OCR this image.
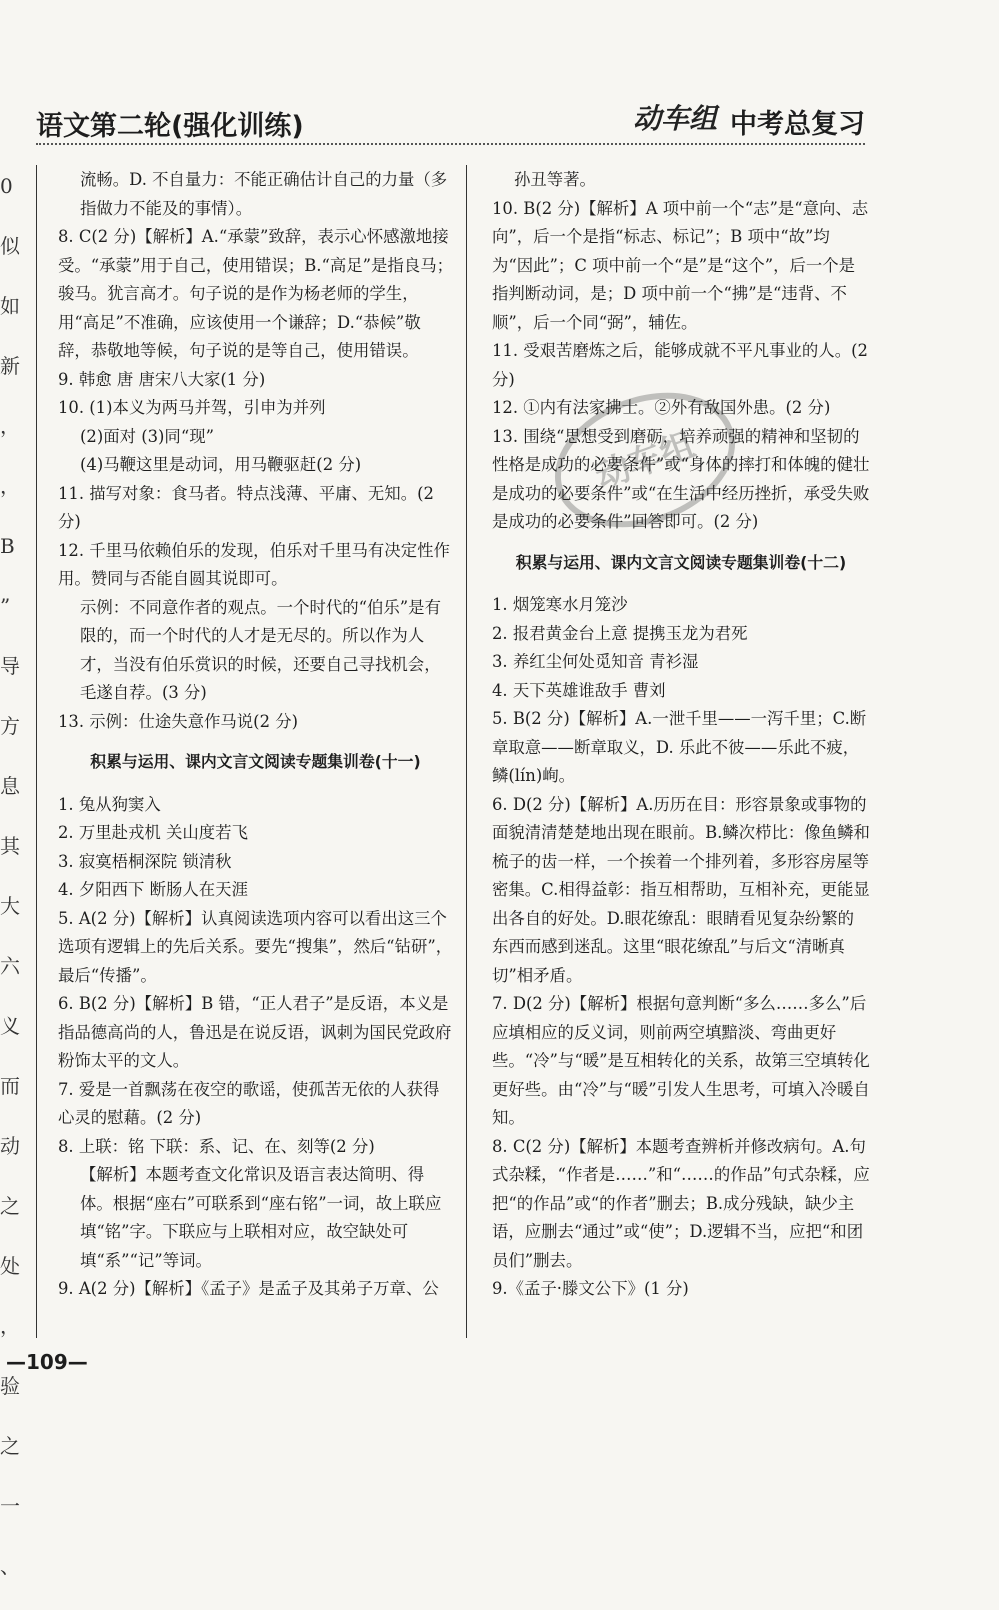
语文第二轮(强化训练)	动车组 中考总复习
0
似
如
新
，
，
B
”
导
方
息
其
大
六
义
而
动
之
处
，
验
之
一
、
流畅。D. 不自量力：不能正确估计自己的力量（多指做力不能及的事情）。
8. C(2 分)【解析】A.“承蒙”致辞，表示心怀感激地接受。“承蒙”用于自己，使用错误；B.“高足”是指良马；骏马。犹言高才。句子说的是作为杨老师的学生，用“高足”不准确，应该使用一个谦辞；D.“恭候”敬辞，恭敬地等候，句子说的是等自己，使用错误。
9. 韩愈 唐 唐宋八大家(1 分)
10. (1)本义为两马并驾，引申为并列
(2)面对 (3)同“现”
(4)马鞭这里是动词，用马鞭驱赶(2 分)
11. 描写对象：食马者。特点浅薄、平庸、无知。(2 分)
12. 千里马依赖伯乐的发现，伯乐对千里马有决定性作用。赞同与否能自圆其说即可。
示例：不同意作者的观点。一个时代的“伯乐”是有限的，而一个时代的人才是无尽的。所以作为人才，当没有伯乐赏识的时候，还要自己寻找机会，毛遂自荐。(3 分)
13. 示例：仕途失意作马说(2 分)
积累与运用、课内文言文阅读专题集训卷(十一)
1. 兔从狗窦入
2. 万里赴戎机 关山度若飞
3. 寂寞梧桐深院 锁清秋
4. 夕阳西下 断肠人在天涯
5. A(2 分)【解析】认真阅读选项内容可以看出这三个选项有逻辑上的先后关系。要先“搜集”，然后“钻研”，最后“传播”。
6. B(2 分)【解析】B 错，“正人君子”是反语，本义是指品德高尚的人，鲁迅是在说反语，讽刺为国民党政府粉饰太平的文人。
7. 爱是一首飘荡在夜空的歌谣，使孤苦无依的人获得心灵的慰藉。(2 分)
8. 上联：铭 下联：系、记、在、刻等(2 分)
【解析】本题考查文化常识及语言表达简明、得体。根据“座右”可联系到“座右铭”一词，故上联应填“铭”字。下联应与上联相对应，故空缺处可填“系”“记”等词。
9. A(2 分)【解析】《孟子》是孟子及其弟子万章、公
孙丑等著。
10. B(2 分)【解析】A 项中前一个“志”是“意向、志向”，后一个是指“标志、标记”；B 项中“故”均为“因此”；C 项中前一个“是”是“这个”，后一个是指判断动词，是；D 项中前一个“拂”是“违背、不顺”，后一个同“弼”，辅佐。
11. 受艰苦磨炼之后，能够成就不平凡事业的人。(2 分)
12. ①内有法家拂士。②外有敌国外患。(2 分)
13. 围绕“思想受到磨砺，培养顽强的精神和坚韧的性格是成功的必要条件”或“身体的摔打和体魄的健壮是成功的必要条件”或“在生活中经历挫折，承受失败是成功的必要条件”回答即可。(2 分)
积累与运用、课内文言文阅读专题集训卷(十二)
1. 烟笼寒水月笼沙
2. 报君黄金台上意 提携玉龙为君死
3. 养红尘何处觅知音 青衫湿
4. 天下英雄谁敌手 曹刘
5. B(2 分)【解析】A.一泄千里——一泻千里；C.断章取意——断章取义，D. 乐此不彼——乐此不疲，鳞(lín)峋。
6. D(2 分)【解析】A.历历在目：形容景象或事物的面貌清清楚楚地出现在眼前。B.鳞次栉比：像鱼鳞和梳子的齿一样，一个挨着一个排列着，多形容房屋等密集。C.相得益彰：指互相帮助，互相补充，更能显出各自的好处。D.眼花缭乱：眼睛看见复杂纷繁的东西而感到迷乱。这里“眼花缭乱”与后文“清晰真切”相矛盾。
7. D(2 分)【解析】根据句意判断“多么……多么”后应填相应的反义词，则前两空填黯淡、弯曲更好些。“冷”与“暖”是互相转化的关系，故第三空填转化更好些。由“冷”与“暖”引发人生思考，可填入冷暖自知。
8. C(2 分)【解析】本题考查辨析并修改病句。A.句式杂糅，“作者是……”和“……的作品”句式杂糅，应把“的作品”或“的作者”删去；B.成分残缺，缺少主语，应删去“通过”或“使”；D.逻辑不当，应把“和团员们”删去。
9.《孟子·滕文公下》(1 分)
动车组
—109—
